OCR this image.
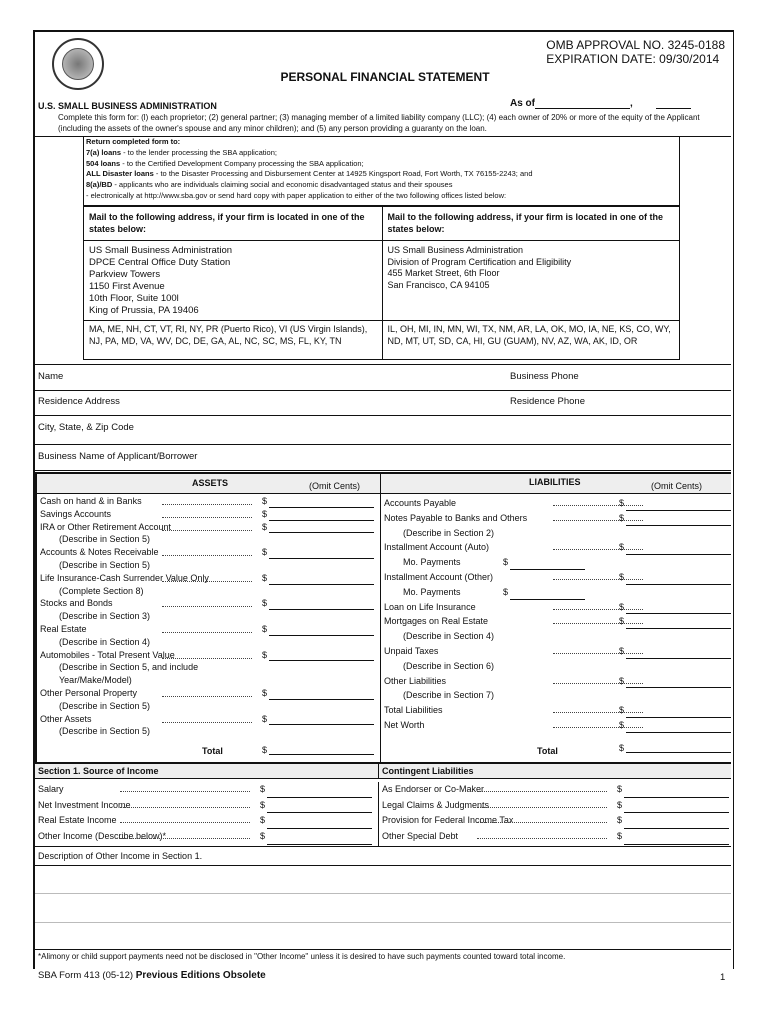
OMB APPROVAL NO. 3245-0188
EXPIRATION DATE: 09/30/2014
PERSONAL FINANCIAL STATEMENT
U.S. SMALL BUSINESS ADMINISTRATION	As of	,
Complete this form for: (l) each proprietor; (2) general partner; (3) managing member of a limited liability company (LLC); (4) each owner of 20% or more of the equity of the Applicant (including the assets of the owner's spouse and any minor children); and (5) any person providing a guaranty on the loan.
Return completed form to:
7(a) loans - to the lender processing the SBA application;
504 loans - to the Certified Development Company processing the SBA application;
ALL Disaster loans - to the Disaster Processing and Disbursement Center at 14925 Kingsport Road, Fort Worth, TX 76155-2243; and
8(a)/BD - applicants who are individuals claiming social and economic disadvantaged status and their spouses
- electronically at http://www.sba.gov or send hard copy with paper application to either of the two following offices listed below:
Mail to the following address, if your firm is located in one of the states below:
US Small Business Administration
DPCE Central Office Duty Station
Parkview Towers
1150 First Avenue
10th Floor, Suite 100l
King of Prussia, PA 19406
MA, ME, NH, CT, VT, RI, NY, PR (Puerto Rico), VI (US Virgin Islands), NJ, PA, MD, VA, WV, DC, DE, GA, AL, NC, SC, MS, FL, KY, TN
Mail to the following address, if your firm is located in one of the states below:
US Small Business Administration
Division of Program Certification and Eligibility
455 Market Street, 6th Floor
San Francisco, CA 94105
IL, OH, MI, IN, MN, WI, TX, NM, AR, LA, OK, MO, IA, NE, KS, CO, WY, ND, MT, UT, SD, CA, HI, GU (GUAM), NV, AZ, WA, AK, ID, OR
Name	Business Phone
Residence Address	Residence Phone
City, State, & Zip Code
Business Name of Applicant/Borrower
ASSETS	(Omit Cents)	LIABILITIES	(Omit Cents)
Cash on hand & in Banks	$
Savings Accounts	$
IRA or Other Retirement Account	$
(Describe in Section 5)
Accounts & Notes Receivable	$
(Describe in Section 5)
Life Insurance-Cash Surrender Value Only	$
(Complete Section 8)
Stocks and Bonds	$
(Describe in Section 3)
Real Estate	$
(Describe in Section 4)
Automobiles - Total Present Value	$
(Describe in Section 5, and include
Year/Make/Model)
Other Personal Property	$
(Describe in Section 5)
Other Assets	$
(Describe in Section 5)
Accounts Payable	$
Notes Payable to Banks and Others	$
(Describe in Section 2)
Installment Account (Auto)	$
Mo. Payments	$
Installment Account (Other)	$
Mo. Payments	$
Loan on Life Insurance	$
Mortgages on Real Estate	$
(Describe in Section 4)
Unpaid Taxes	$
(Describe in Section 6)
Other Liabilities	$
(Describe in Section 7)
Total Liabilities	$
Net Worth	$
Total	$	Total	$
Section 1. Source of Income	Contingent Liabilities
Salary	$
Net Investment Income	$
Real Estate Income	$
Other Income (Describe below)*	$
As Endorser or Co-Maker	$
Legal Claims & Judgments	$
Provision for Federal Income Tax	$
Other Special Debt	$
Description of Other Income in Section 1.
*Alimony or child support payments need not be disclosed in "Other Income" unless it is desired to have such payments counted toward total income.
SBA Form 413 (05-12) Previous Editions Obsolete	1
